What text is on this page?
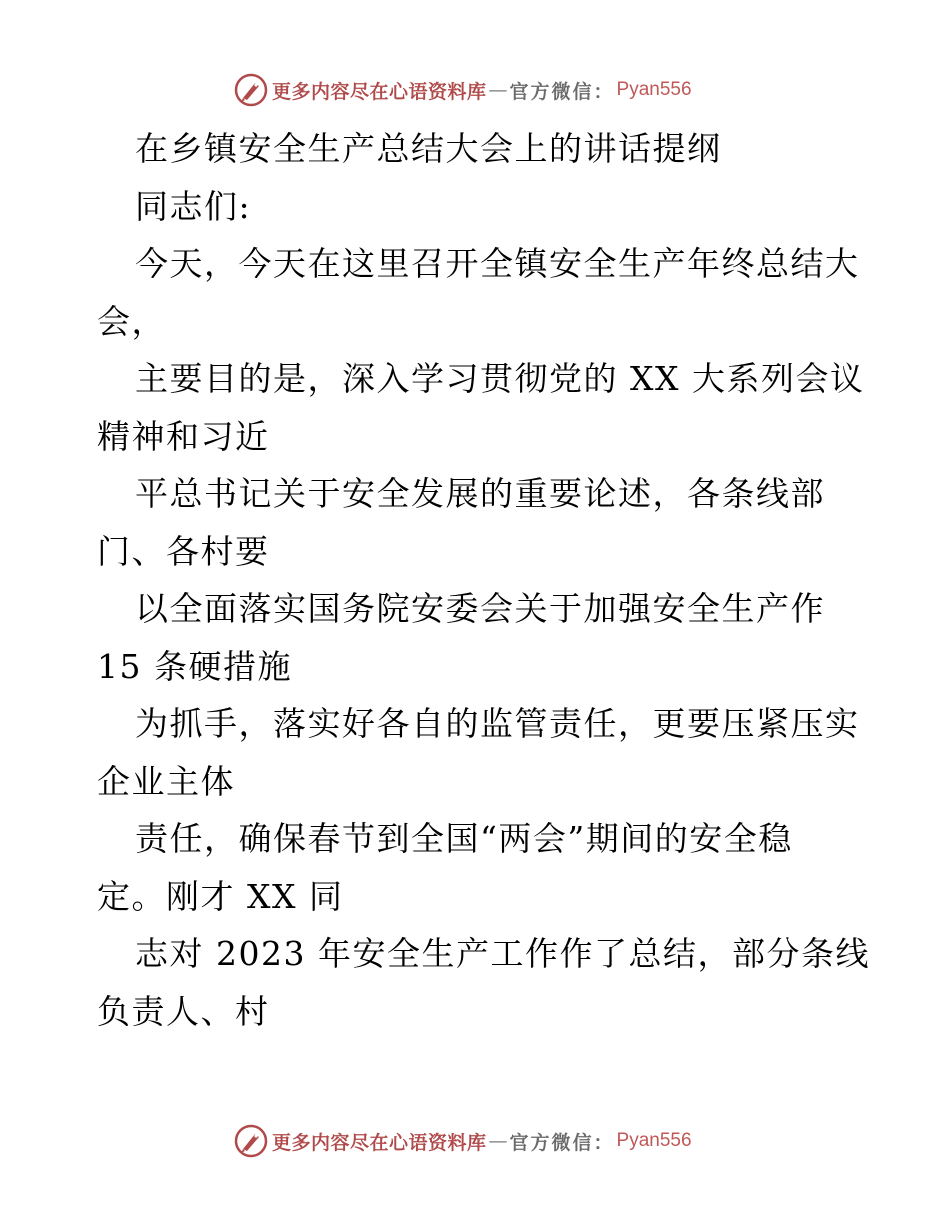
更多内容尽在心语资料库 — 官方微信： Pyan556
在乡镇安全生产总结大会上的讲话提纲
同志们:
今天，今天在这里召开全镇安全生产年终总结大
会，
主要目的是，深入学习贯彻党的 XX 大系列会议
精神和习近
平总书记关于安全发展的重要论述，各条线部
门、各村要
以全面落实国务院安委会关于加强安全生产作
15 条硬措施
为抓手，落实好各自的监管责任，更要压紧压实
企业主体
责任，确保春节到全国“两会”期间的安全稳
定。刚才 XX 同
志对 2023 年安全生产工作作了总结，部分条线
负责人、村
更多内容尽在心语资料库 — 官方微信： Pyan556
